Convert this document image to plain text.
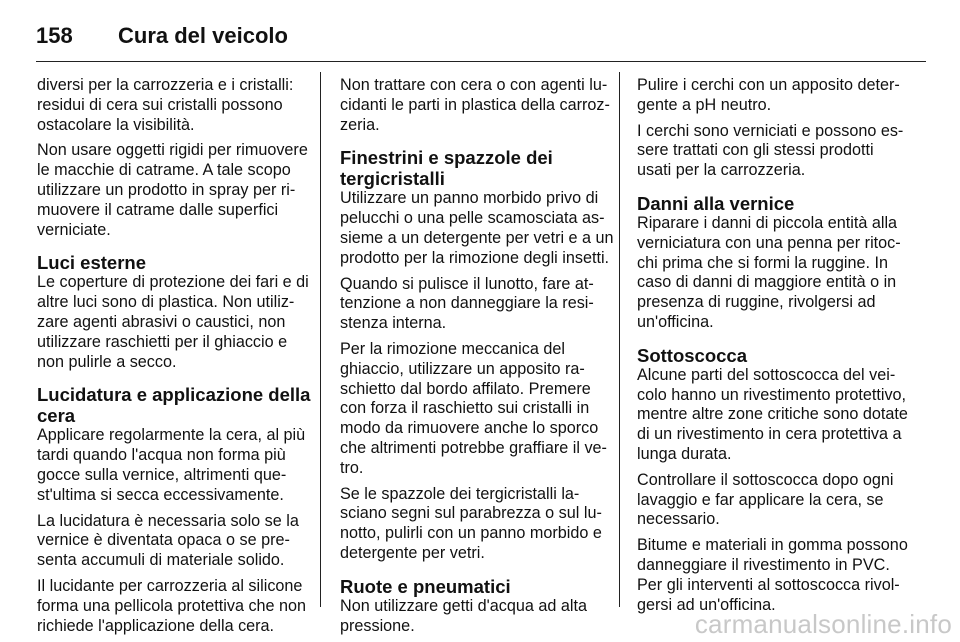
158	Cura del veicolo

diversi per la carrozzeria e i cristalli: residui di cera sui cristalli possono ostacolare la visibilità.

Non usare oggetti rigidi per rimuovere le macchie di catrame. A tale scopo utilizzare un prodotto in spray per ri- muovere il catrame dalle superfici verniciate.

Luci esterne

Le coperture di protezione dei fari e di altre luci sono di plastica. Non utiliz- zare agenti abrasivi o caustici, non utilizzare raschietti per il ghiaccio e non pulirle a secco.

Lucidatura e applicazione della cera

Applicare regolarmente la cera, al più tardi quando l'acqua non forma più gocce sulla vernice, altrimenti que- st'ultima si secca eccessivamente.

La lucidatura è necessaria solo se la vernice è diventata opaca o se pre- senta accumuli di materiale solido.

Il lucidante per carrozzeria al silicone forma una pellicola protettiva che non richiede l'applicazione della cera.

Non trattare con cera o con agenti lu- cidanti le parti in plastica della carroz- zeria.

Finestrini e spazzole dei tergicristalli

Utilizzare un panno morbido privo di pelucchi o una pelle scamosciata as- sieme a un detergente per vetri e a un prodotto per la rimozione degli insetti.

Quando si pulisce il lunotto, fare at- tenzione a non danneggiare la resi- stenza interna.

Per la rimozione meccanica del ghiaccio, utilizzare un apposito ra- schietto dal bordo affilato. Premere con forza il raschietto sui cristalli in modo da rimuovere anche lo sporco che altrimenti potrebbe graffiare il ve- tro.

Se le spazzole dei tergicristalli la- sciano segni sul parabrezza o sul lu- notto, pulirli con un panno morbido e detergente per vetri.

Ruote e pneumatici

Non utilizzare getti d'acqua ad alta pressione.

Pulire i cerchi con un apposito deter- gente a pH neutro.

I cerchi sono verniciati e possono es- sere trattati con gli stessi prodotti usati per la carrozzeria.

Danni alla vernice

Riparare i danni di piccola entità alla verniciatura con una penna per ritoc- chi prima che si formi la ruggine. In caso di danni di maggiore entità o in presenza di ruggine, rivolgersi ad un'officina.

Sottoscocca

Alcune parti del sottoscocca del vei- colo hanno un rivestimento protettivo, mentre altre zone critiche sono dotate di un rivestimento in cera protettiva a lunga durata.

Controllare il sottoscocca dopo ogni lavaggio e far applicare la cera, se necessario.

Bitume e materiali in gomma possono danneggiare il rivestimento in PVC. Per gli interventi al sottoscocca rivol- gersi ad un'officina.

carmanualsonline.info
